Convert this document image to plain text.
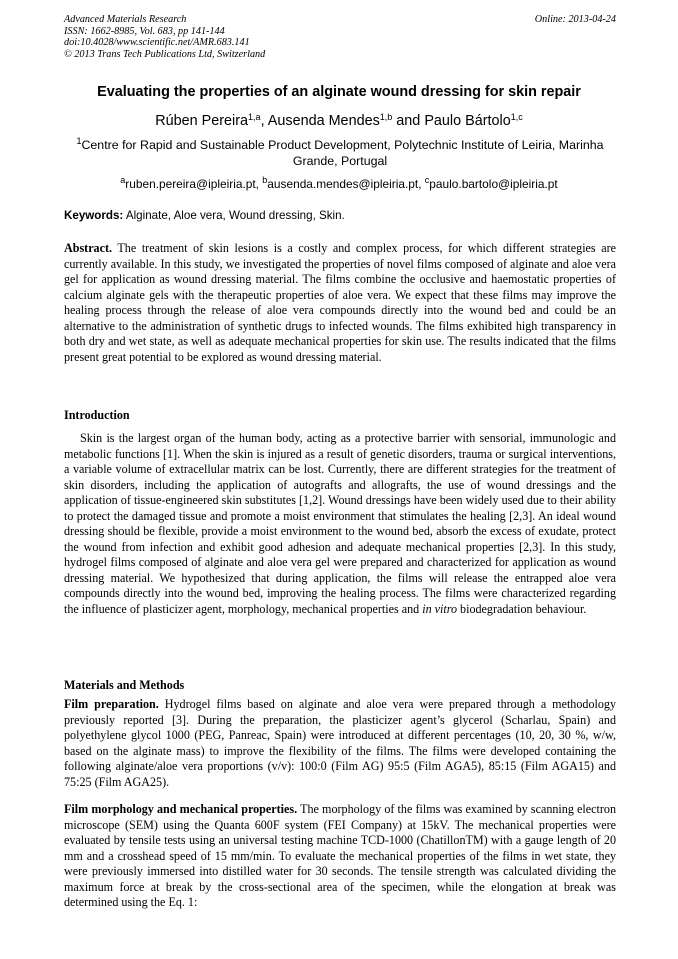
Advanced Materials Research
ISSN: 1662-8985, Vol. 683, pp 141-144
doi:10.4028/www.scientific.net/AMR.683.141
© 2013 Trans Tech Publications Ltd, Switzerland
Online: 2013-04-24
Evaluating the properties of an alginate wound dressing for skin repair
Rúben Pereira$^{1,a}$, Ausenda Mendes$^{1,b}$ and Paulo Bártolo$^{1,c}$
$^1$Centre for Rapid and Sustainable Product Development, Polytechnic Institute of Leiria, Marinha Grande, Portugal
$^a$ruben.pereira@ipleiria.pt, $^b$ausenda.mendes@ipleiria.pt, $^c$paulo.bartolo@ipleiria.pt
Keywords: Alginate, Aloe vera, Wound dressing, Skin.
Abstract. The treatment of skin lesions is a costly and complex process, for which different strategies are currently available. In this study, we investigated the properties of novel films composed of alginate and aloe vera gel for application as wound dressing material. The films combine the occlusive and haemostatic properties of calcium alginate gels with the therapeutic properties of aloe vera. We expect that these films may improve the healing process through the release of aloe vera compounds directly into the wound bed and could be an alternative to the administration of synthetic drugs to infected wounds. The films exhibited high transparency in both dry and wet state, as well as adequate mechanical properties for skin use. The results indicated that the films present great potential to be explored as wound dressing material.
Introduction
Skin is the largest organ of the human body, acting as a protective barrier with sensorial, immunologic and metabolic functions [1]. When the skin is injured as a result of genetic disorders, trauma or surgical interventions, a variable volume of extracellular matrix can be lost. Currently, there are different strategies for the treatment of skin disorders, including the application of autografts and allografts, the use of wound dressings and the application of tissue-engineered skin substitutes [1,2]. Wound dressings have been widely used due to their ability to protect the damaged tissue and promote a moist environment that stimulates the healing [2,3]. An ideal wound dressing should be flexible, provide a moist environment to the wound bed, absorb the excess of exudate, protect the wound from infection and exhibit good adhesion and adequate mechanical properties [2,3]. In this study, hydrogel films composed of alginate and aloe vera gel were prepared and characterized for application as wound dressing material. We hypothesized that during application, the films will release the entrapped aloe vera compounds directly into the wound bed, improving the healing process. The films were characterized regarding the influence of plasticizer agent, morphology, mechanical properties and in vitro biodegradation behaviour.
Materials and Methods
Film preparation. Hydrogel films based on alginate and aloe vera were prepared through a methodology previously reported [3]. During the preparation, the plasticizer agent’s glycerol (Scharlau, Spain) and polyethylene glycol 1000 (PEG, Panreac, Spain) were introduced at different percentages (10, 20, 30 %, w/w, based on the alginate mass) to improve the flexibility of the films. The films were developed containing the following alginate/aloe vera proportions (v/v): 100:0 (Film AG) 95:5 (Film AGA5), 85:15 (Film AGA15) and 75:25 (Film AGA25).
Film morphology and mechanical properties. The morphology of the films was examined by scanning electron microscope (SEM) using the Quanta 600F system (FEI Company) at 15kV. The mechanical properties were evaluated by tensile tests using an universal testing machine TCD-1000 (ChatillonTM) with a gauge length of 20 mm and a crosshead speed of 15 mm/min. To evaluate the mechanical properties of the films in wet state, they were previously immersed into distilled water for 30 seconds. The tensile strength was calculated dividing the maximum force at break by the cross-sectional area of the specimen, while the elongation at break was determined using the Eq. 1:
